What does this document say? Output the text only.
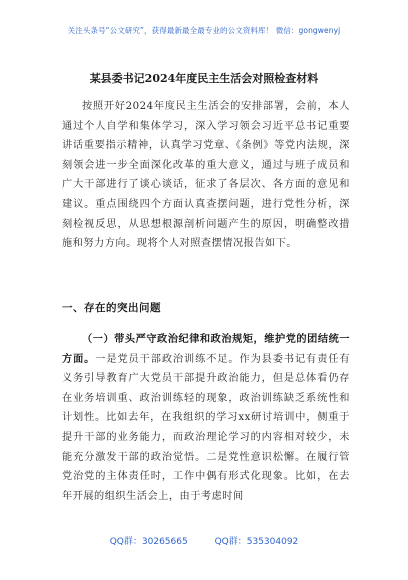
关注头条号“公文研究”，获得最新最全最专业的公文资料库！ 微信：gongwenyj
某县委书记2024年度民主生活会对照检查材料
按照开好2024年度民主生活会的安排部署，会前，本人通过个人自学和集体学习，深入学习领会习近平总书记重要讲话重要指示精神，认真学习党章、《条例》等党内法规，深刻领会进一步全面深化改革的重大意义，通过与班子成员和广大干部进行了谈心谈话，征求了各层次、各方面的意见和建议。重点围绕四个方面认真查摆问题，进行党性分析，深刻检视反思，从思想根源剖析问题产生的原因，明确整改措施和努力方向。现将个人对照查摆情况报告如下。
一、存在的突出问题
（一）带头严守政治纪律和政治规矩，维护党的团结统一方面。一是党员干部政治训练不足。作为县委书记有责任有义务引导教育广大党员干部提升政治能力，但是总体看仍存在业务培训重、政治训练轻的现象，政治训练缺乏系统性和计划性。比如去年，在我组织的学习xx研讨培训中，侧重于提升干部的业务能力，而政治理论学习的内容相对较少，未能充分激发干部的政治觉悟。二是党性意识松懈。在履行管党治党的主体责任时，工作中偶有形式化现象。比如，在去年开展的组织生活会上，由于考虑时间
QQ群：30265665	QQ群：535304092
